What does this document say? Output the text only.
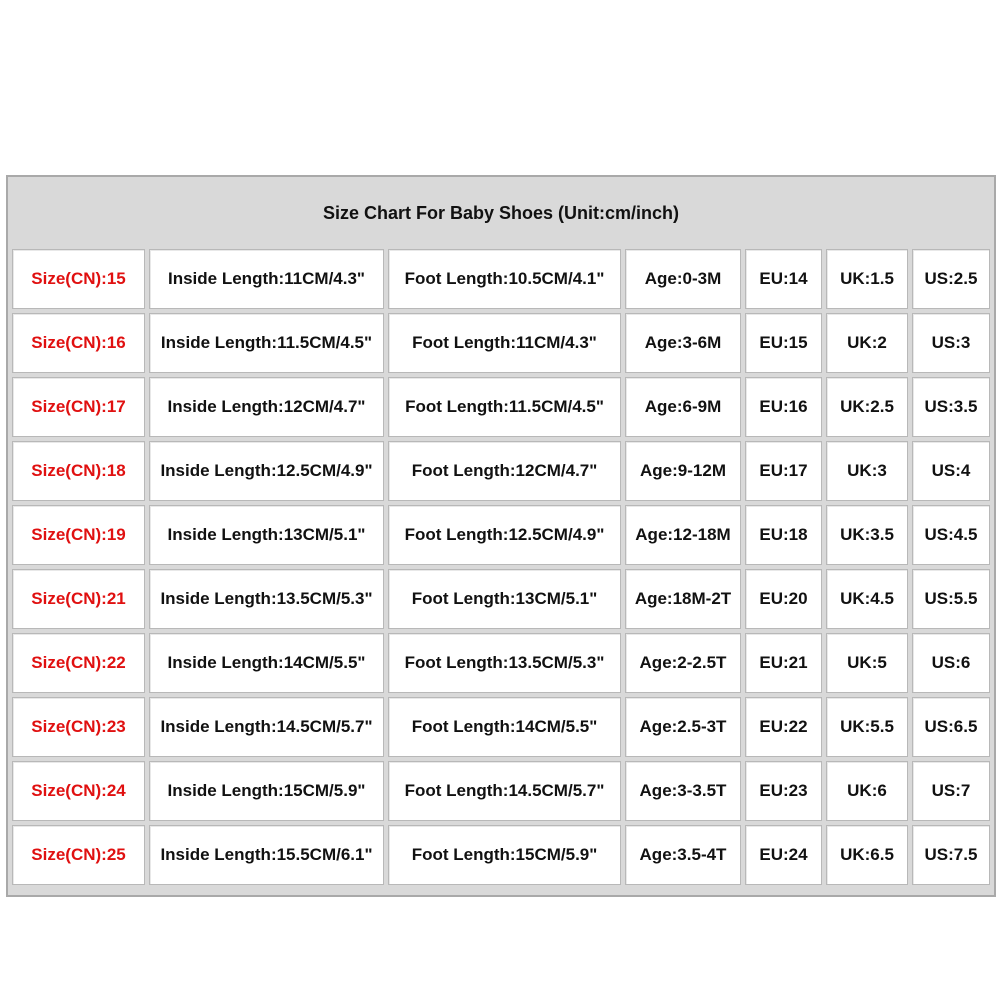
Size Chart For Baby Shoes (Unit:cm/inch)						
Size(CN):15	Inside Length:11CM/4.3"	Foot Length:10.5CM/4.1"	Age:0-3M	EU:14	UK:1.5	US:2.5
Size(CN):16	Inside Length:11.5CM/4.5"	Foot Length:11CM/4.3"	Age:3-6M	EU:15	UK:2	US:3
Size(CN):17	Inside Length:12CM/4.7"	Foot Length:11.5CM/4.5"	Age:6-9M	EU:16	UK:2.5	US:3.5
Size(CN):18	Inside Length:12.5CM/4.9"	Foot Length:12CM/4.7"	Age:9-12M	EU:17	UK:3	US:4
Size(CN):19	Inside Length:13CM/5.1"	Foot Length:12.5CM/4.9"	Age:12-18M	EU:18	UK:3.5	US:4.5
Size(CN):21	Inside Length:13.5CM/5.3"	Foot Length:13CM/5.1"	Age:18M-2T	EU:20	UK:4.5	US:5.5
Size(CN):22	Inside Length:14CM/5.5"	Foot Length:13.5CM/5.3"	Age:2-2.5T	EU:21	UK:5	US:6
Size(CN):23	Inside Length:14.5CM/5.7"	Foot Length:14CM/5.5"	Age:2.5-3T	EU:22	UK:5.5	US:6.5
Size(CN):24	Inside Length:15CM/5.9"	Foot Length:14.5CM/5.7"	Age:3-3.5T	EU:23	UK:6	US:7
Size(CN):25	Inside Length:15.5CM/6.1"	Foot Length:15CM/5.9"	Age:3.5-4T	EU:24	UK:6.5	US:7.5
